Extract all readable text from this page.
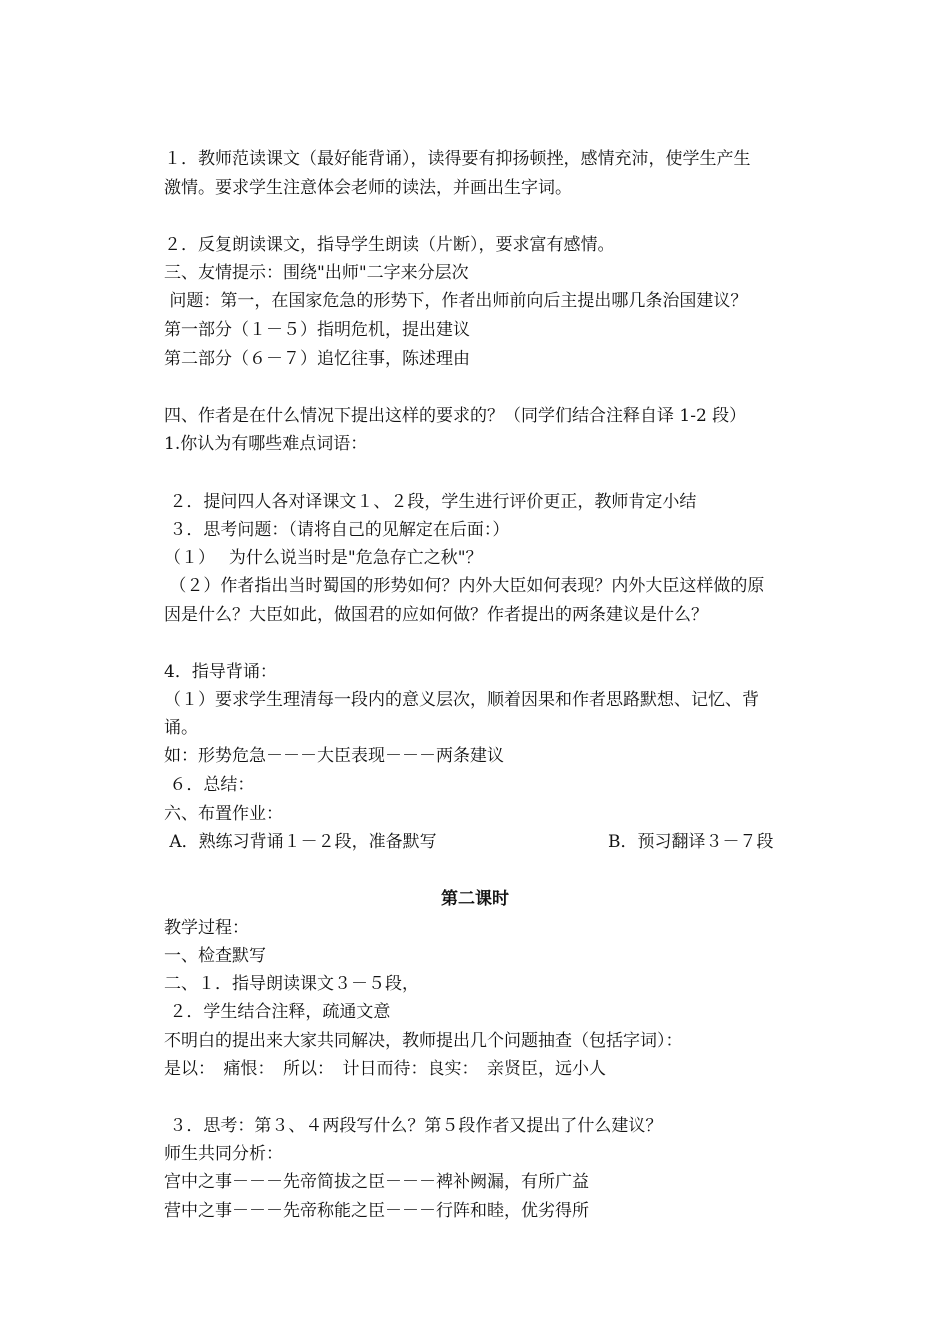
１．教师范读课文（最好能背诵），读得要有抑扬顿挫，感情充沛，使学生产生
激情。要求学生注意体会老师的读法，并画出生字词。
２．反复朗读课文，指导学生朗读（片断），要求富有感情。
三、友情提示：围绕"出师"二字来分层次
问题：第一，在国家危急的形势下，作者出师前向后主提出哪几条治国建议？
第一部分（１－５）指明危机，提出建议
第二部分（６－７）追忆往事，陈述理由
四、作者是在什么情况下提出这样的要求的？（同学们结合注释自译 1-2 段）
1.你认为有哪些难点词语：
２．提问四人各对译课文１、２段，学生进行评价更正，教师肯定小结
３．思考问题：（请将自己的见解定在后面：）
（１）　 为什么说当时是"危急存亡之秋"？
（２）作者指出当时蜀国的形势如何？内外大臣如何表现？内外大臣这样做的原
因是什么？大臣如此，做国君的应如何做？作者提出的两条建议是什么？
4．指导背诵：
（１）要求学生理清每一段内的意义层次，顺着因果和作者思路默想、记忆、背
诵。
如：形势危急－－－大臣表现－－－两条建议
６．总结：
六、布置作业：
A．熟练习背诵１－２段，准备默写	B．预习翻译３－７段
第二课时
教学过程：
一、检查默写
二、１．指导朗读课文３－５段，
２．学生结合注释，疏通文意
不明白的提出来大家共同解决，教师提出几个问题抽查（包括字词）：
是以：　痛恨：　所以：　计日而待：良实：　亲贤臣，远小人
３．思考：第３、４两段写什么？第５段作者又提出了什么建议？
师生共同分析：
宫中之事－－－先帝简拔之臣－－－裨补阙漏，有所广益
营中之事－－－先帝称能之臣－－－行阵和睦，优劣得所
